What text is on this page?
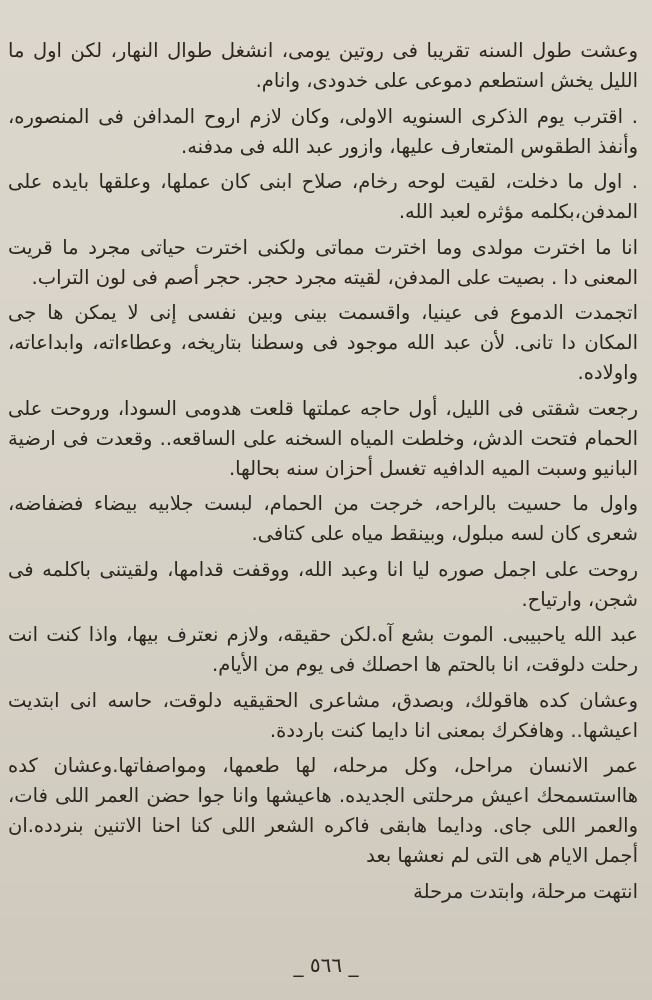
وعشت طول السنه تقريبا فى روتين يومى، انشغل طوال النهار، لكن اول ما الليل يخش استطعم دموعى على خدودى، وانام.

. اقترب يوم الذكرى السنويه الاولى، وكان لازم اروح المدافن فى المنصوره، وأنفذ الطقوس المتعارف عليها، وازور عبد الله فى مدفنه.

. اول ما دخلت، لقيت لوحه رخام، صلاح ابنى كان عملها، وعلقها بايده على المدفن،بكلمه مؤثره لعبد الله.

انا ما اخترت مولدى وما اخترت مماتى ولكنى اخترت حياتى مجرد ما قريت المعنى دا . بصيت على المدفن، لقيته مجرد حجر. حجر أصم فى لون التراب.

اتجمدت الدموع فى عينيا، واقسمت بينى وبين نفسى إنى لا يمكن ها جى المكان دا تانى. لأن عبد الله موجود فى وسطنا بتاريخه، وعطاءاته، وابداعاته، واولاده.

رجعت شقتى فى الليل، أول حاجه عملتها قلعت هدومى السودا، وروحت على الحمام فتحت الدش، وخلطت المياه السخنه على الساقعه.. وقعدت فى ارضية البانيو وسبت الميه الدافيه تغسل أحزان سنه بحالها.

واول ما حسيت بالراحه، خرجت من الحمام، لبست جلابيه بيضاء فضفاضه، شعرى كان لسه مبلول، وبينقط مياه على كتافى.

روحت على اجمل صوره ليا انا وعبد الله، ووقفت قدامها، ولقيتنى باكلمه فى شجن، وارتياح.

عبد الله ياحبيبى. الموت بشع آه.لكن حقيقه، ولازم نعترف بيها، واذا كنت انت رحلت دلوقت، انا بالحتم ها احصلك فى يوم من الأيام.

وعشان كده هاقولك، وبصدق، مشاعرى الحقيقيه دلوقت، حاسه انى ابتديت اعيشها.. وهافكرك بمعنى انا دايما كنت بارددة.

عمر الانسان مراحل، وكل مرحله، لها طعمها، ومواصفاتها.وعشان كده هااستسمحك اعيش مرحلتى الجديده. هاعيشها وانا جوا حضن العمر اللى فات، والعمر اللى جاى. ودايما هابقى فاكره الشعر اللى كنا احنا الاتنين بنردده.ان أجمل الايام هى التى لم نعشها بعد

انتهت مرحلة، وابتدت مرحلة

_ ٥٦٦ _
